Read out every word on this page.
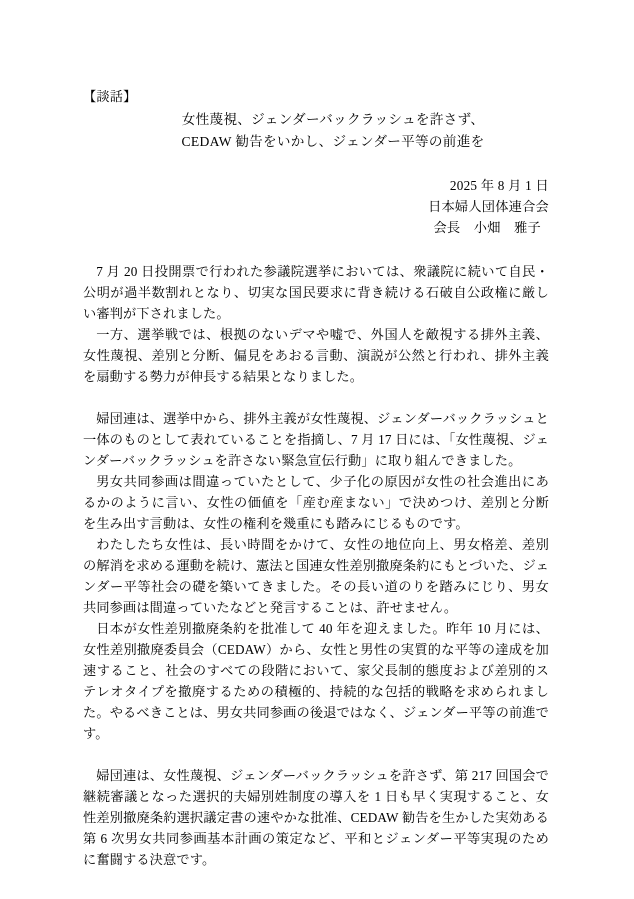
【談話】
女性蔑視、ジェンダーバックラッシュを許さず、
CEDAW 勧告をいかし、ジェンダー平等の前進を
2025 年 8 月 1 日
日本婦人団体連合会
会長　小畑　雅子

7 月 20 日投開票で行われた参議院選挙においては、衆議院に続いて自民・公明が過半数割れとなり、切実な国民要求に背き続ける石破自公政権に厳しい審判が下されました。

一方、選挙戦では、根拠のないデマや嘘で、外国人を敵視する排外主義、女性蔑視、差別と分断、偏見をあおる言動、演説が公然と行われ、排外主義を扇動する勢力が伸長する結果となりました。

婦団連は、選挙中から、排外主義が女性蔑視、ジェンダーバックラッシュと一体のものとして表れていることを指摘し、7 月 17 日には、「女性蔑視、ジェンダーバックラッシュを許さない緊急宣伝行動」に取り組んできました。

男女共同参画は間違っていたとして、少子化の原因が女性の社会進出にあるかのように言い、女性の価値を「産む産まない」で決めつけ、差別と分断を生み出す言動は、女性の権利を幾重にも踏みにじるものです。

わたしたち女性は、長い時間をかけて、女性の地位向上、男女格差、差別の解消を求める運動を続け、憲法と国連女性差別撤廃条約にもとづいた、ジェンダー平等社会の礎を築いてきました。その長い道のりを踏みにじり、男女共同参画は間違っていたなどと発言することは、許せません。

日本が女性差別撤廃条約を批准して 40 年を迎えました。昨年 10 月には、女性差別撤廃委員会（CEDAW）から、女性と男性の実質的な平等の達成を加速すること、社会のすべての段階において、家父長制的態度および差別的ステレオタイプを撤廃するための積極的、持続的な包括的戦略を求められました。やるべきことは、男女共同参画の後退ではなく、ジェンダー平等の前進です。

婦団連は、女性蔑視、ジェンダーバックラッシュを許さず、第 217 回国会で継続審議となった選択的夫婦別姓制度の導入を 1 日も早く実現すること、女性差別撤廃条約選択議定書の速やかな批准、CEDAW 勧告を生かした実効ある第 6 次男女共同参画基本計画の策定など、平和とジェンダー平等実現のために奮闘する決意です。
